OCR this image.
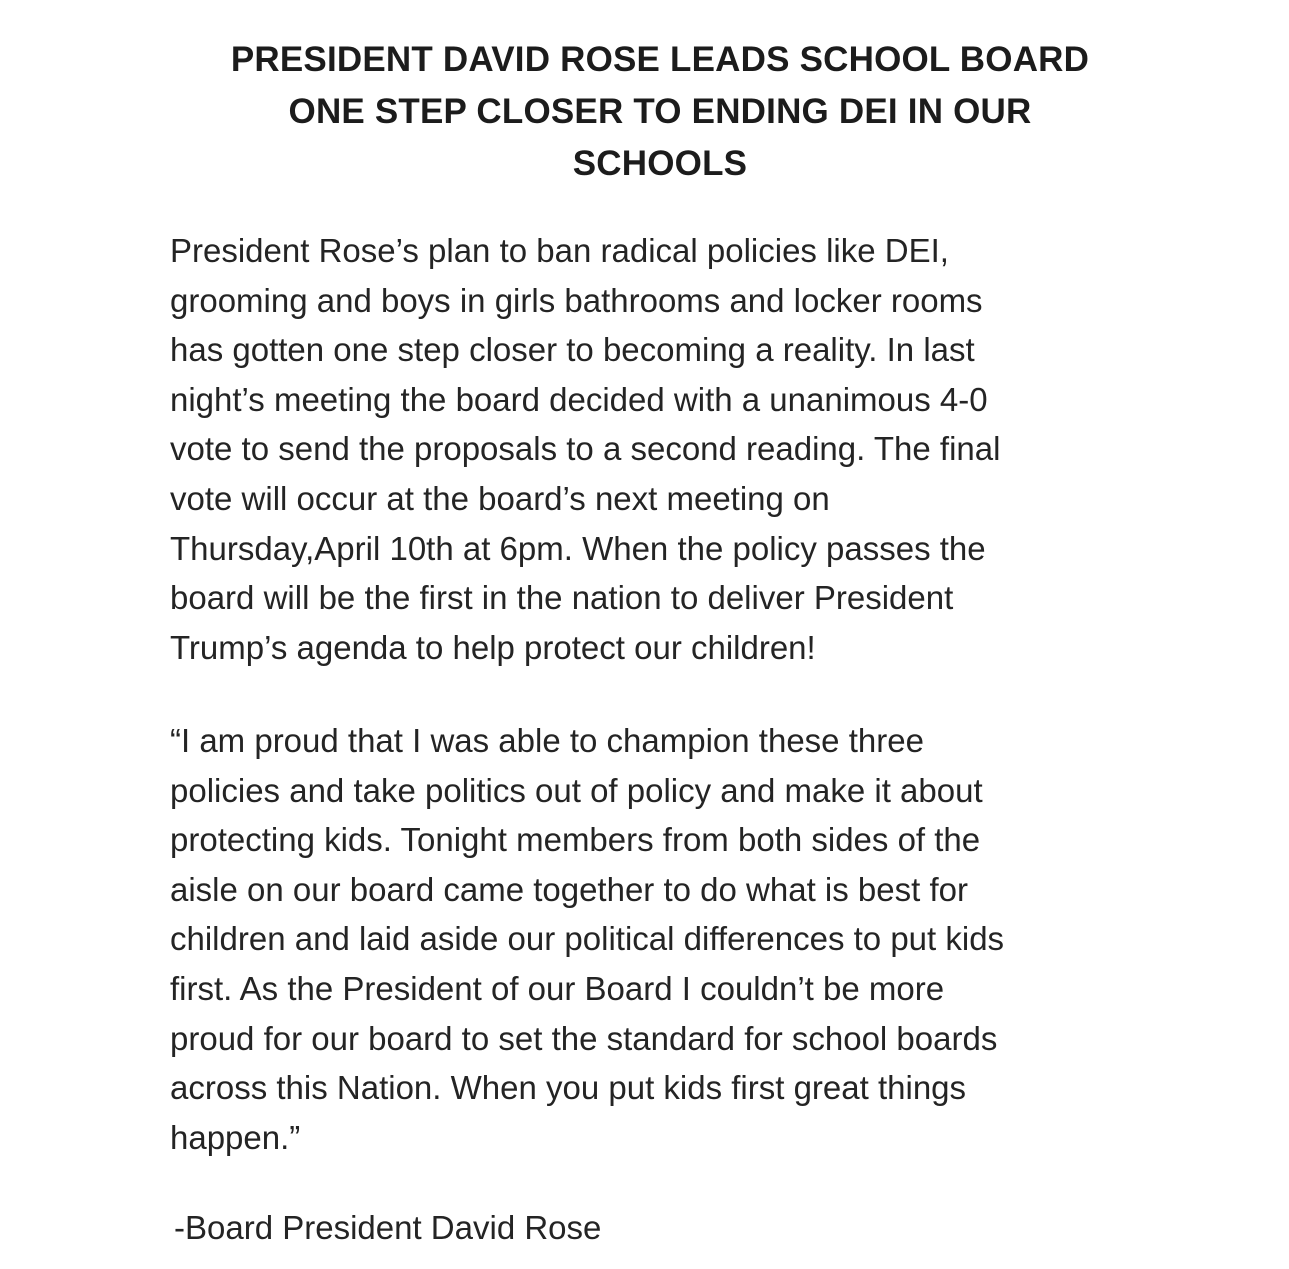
PRESIDENT DAVID ROSE LEADS SCHOOL BOARD
ONE STEP CLOSER TO ENDING DEI IN OUR
SCHOOLS
President Rose’s plan to ban radical policies like DEI,
grooming and boys in girls bathrooms and locker rooms
has gotten one step closer to becoming a reality. In last
night’s meeting the board decided with a unanimous 4-0
vote to send the proposals to a second reading. The final
vote will occur at the board’s next meeting on
Thursday,April 10th at 6pm. When the policy passes the
board will be the first in the nation to deliver President
Trump’s agenda to help protect our children!
“I am proud that I was able to champion these three
policies and take politics out of policy and make it about
protecting kids. Tonight members from both sides of the
aisle on our board came together to do what is best for
children and laid aside our political differences to put kids
first. As the President of our Board I couldn’t be more
proud for our board to set the standard for school boards
across this Nation. When you put kids first great things
happen.”
-Board President David Rose
